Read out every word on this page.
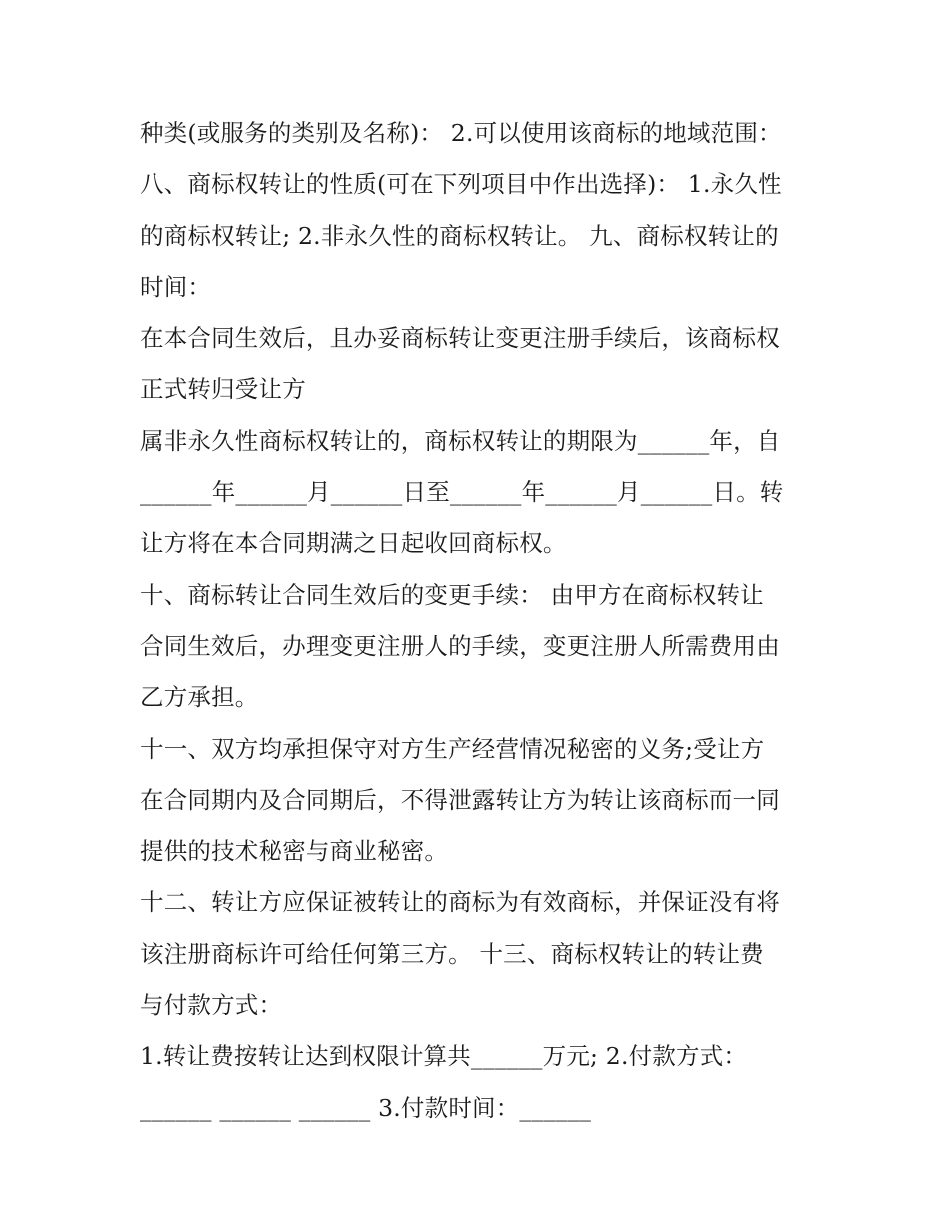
种类(或服务的类别及名称)： 2.可以使用该商标的地域范围：
八、商标权转让的性质(可在下列项目中作出选择)： 1.永久性
的商标权转让; 2.非永久性的商标权转让。 九、商标权转让的
时间：
在本合同生效后，且办妥商标转让变更注册手续后，该商标权
正式转归受让方
属非永久性商标权转让的，商标权转让的期限为______年，自
______年______月______日至______年______月______日。转
让方将在本合同期满之日起收回商标权。
十、商标转让合同生效后的变更手续： 由甲方在商标权转让
合同生效后，办理变更注册人的手续，变更注册人所需费用由
乙方承担。
十一、双方均承担保守对方生产经营情况秘密的义务;受让方
在合同期内及合同期后，不得泄露转让方为转让该商标而一同
提供的技术秘密与商业秘密。
十二、转让方应保证被转让的商标为有效商标，并保证没有将
该注册商标许可给任何第三方。 十三、商标权转让的转让费
与付款方式：
1.转让费按转让达到权限计算共______万元; 2.付款方式：
______ ______ ______ 3.付款时间：______
